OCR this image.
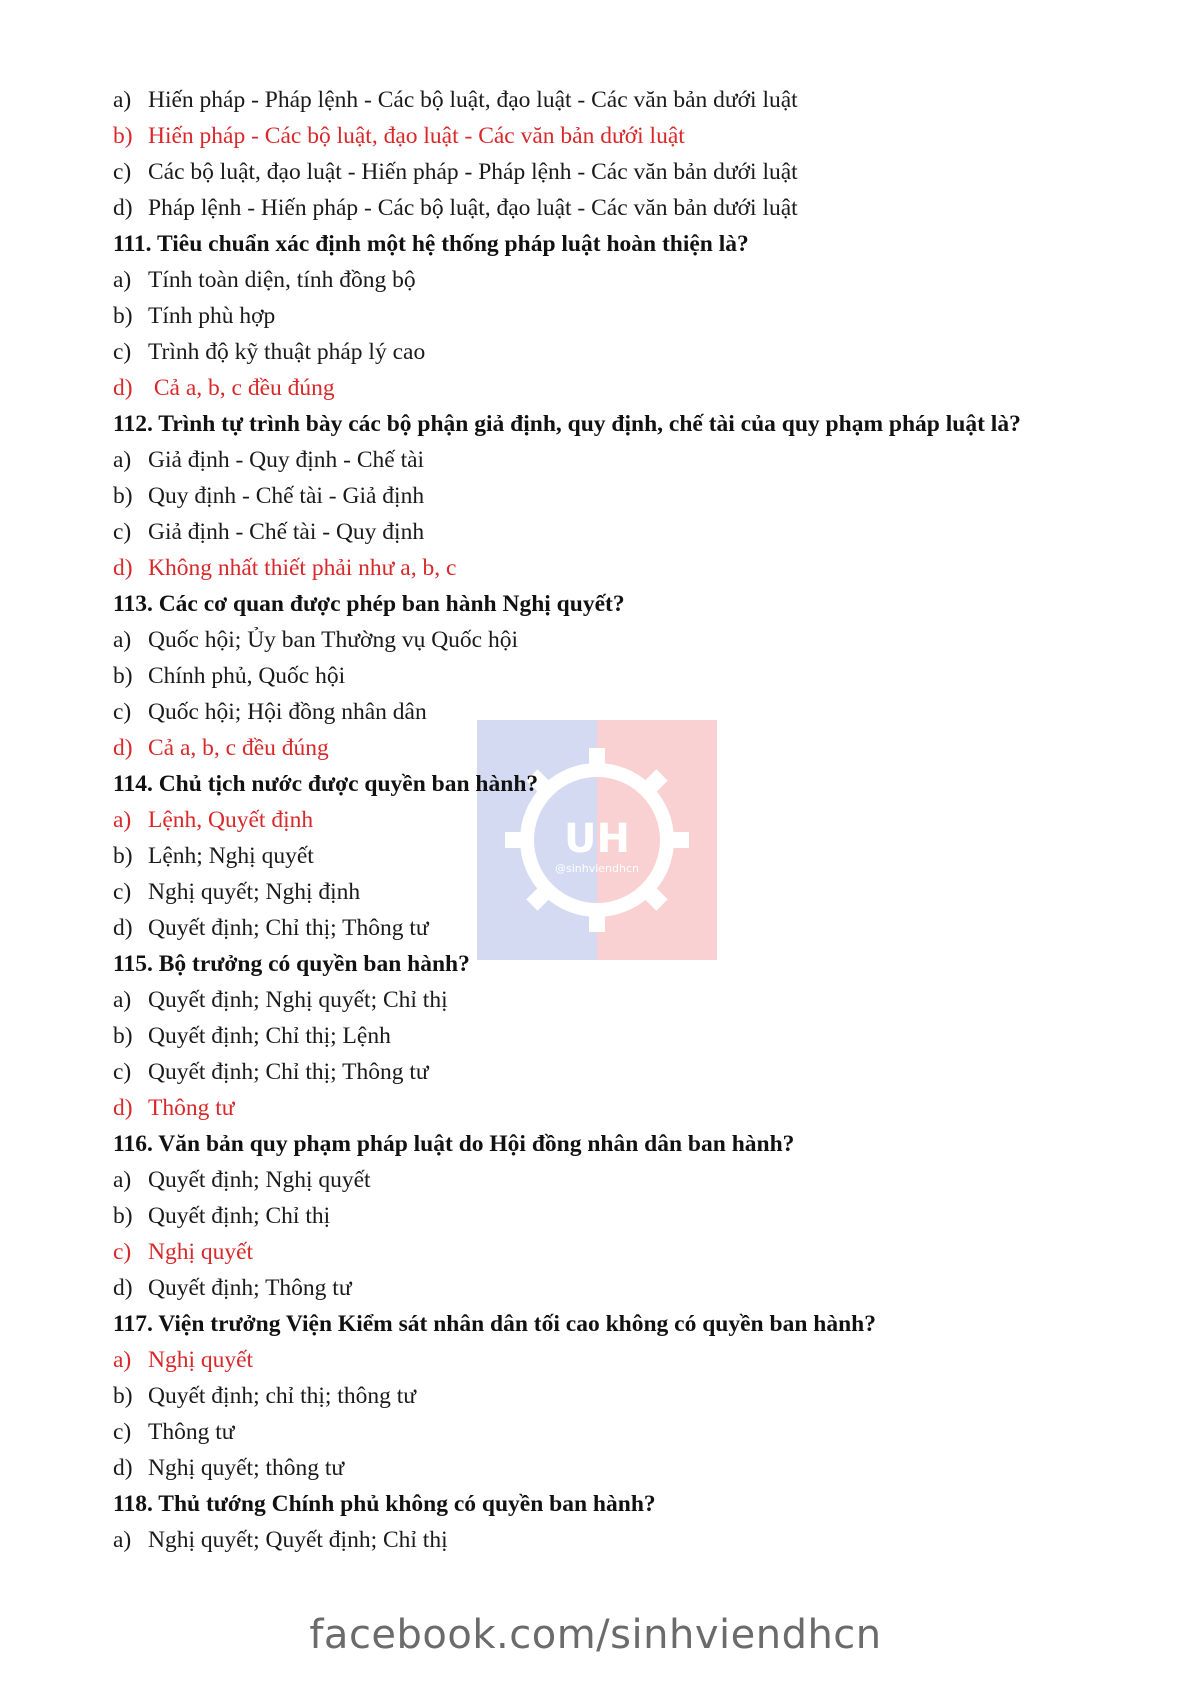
UH
@sinhviendhcn
a) Hiến pháp - Pháp lệnh - Các bộ luật, đạo luật - Các văn bản dưới luật
b) Hiến pháp - Các bộ luật, đạo luật - Các văn bản dưới luật
c) Các bộ luật, đạo luật - Hiến pháp - Pháp lệnh - Các văn bản dưới luật
d) Pháp lệnh - Hiến pháp - Các bộ luật, đạo luật - Các văn bản dưới luật
111. Tiêu chuẩn xác định một hệ thống pháp luật hoàn thiện là?
a) Tính toàn diện, tính đồng bộ
b) Tính phù hợp
c) Trình độ kỹ thuật pháp lý cao
d) Cả a, b, c đều đúng
112. Trình tự trình bày các bộ phận giả định, quy định, chế tài của quy phạm pháp luật là?
a) Giả định - Quy định - Chế tài
b) Quy định - Chế tài - Giả định
c) Giả định - Chế tài - Quy định
d) Không nhất thiết phải như a, b, c
113. Các cơ quan được phép ban hành Nghị quyết?
a) Quốc hội; Ủy ban Thường vụ Quốc hội
b) Chính phủ, Quốc hội
c) Quốc hội; Hội đồng nhân dân
d) Cả a, b, c đều đúng
114. Chủ tịch nước được quyền ban hành?
a) Lệnh, Quyết định
b) Lệnh; Nghị quyết
c) Nghị quyết; Nghị định
d) Quyết định; Chỉ thị; Thông tư
115. Bộ trưởng có quyền ban hành?
a) Quyết định; Nghị quyết; Chỉ thị
b) Quyết định; Chỉ thị; Lệnh
c) Quyết định; Chỉ thị; Thông tư
d) Thông tư
116. Văn bản quy phạm pháp luật do Hội đồng nhân dân ban hành?
a) Quyết định; Nghị quyết
b) Quyết định; Chỉ thị
c) Nghị quyết
d) Quyết định; Thông tư
117. Viện trưởng Viện Kiểm sát nhân dân tối cao không có quyền ban hành?
a) Nghị quyết
b) Quyết định; chỉ thị; thông tư
c) Thông tư
d) Nghị quyết; thông tư
118. Thủ tướng Chính phủ không có quyền ban hành?
a) Nghị quyết; Quyết định; Chỉ thị
facebook.com/sinhviendhcn
